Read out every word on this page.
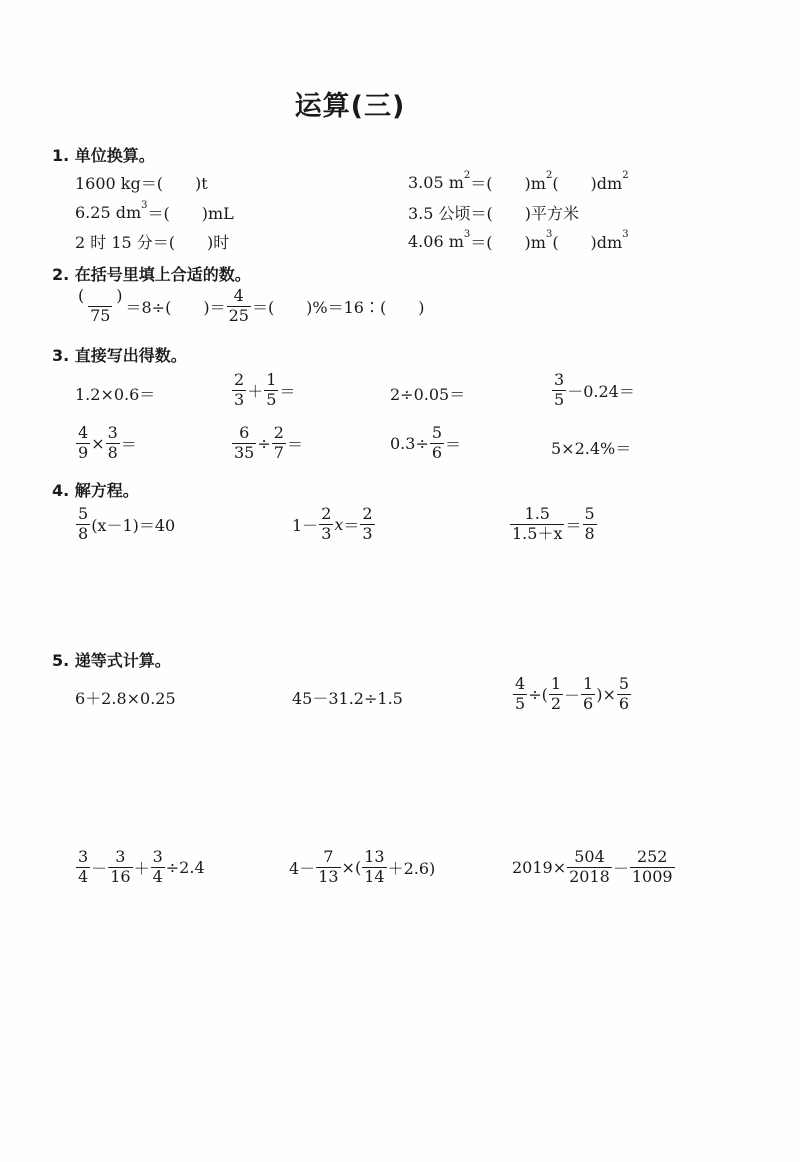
运算(三)
1. 单位换算。
1600 kg＝(　　)t	3.05 m 2 ＝(　　)m 2 (　　)dm 2
6.25 dm 3 ＝(　　)mL	3.5 公顷＝(　　)平方米
2 时 15 分＝(　　)时	4.06 m 3 ＝(　　)m 3 (　　)dm 3
2. 在括号里填上合适的数。
$\frac{( )}{75} =8\div$(　　)＝ $\frac{4}{25}$ ＝(　　)%＝16∶(　　)
3. 直接写出得数。
1.2×0.6＝	$\frac{2}{3} + \frac{1}{5}$ ＝	2÷0.05＝	$\frac{3}{5} -0.24=$
$\frac{4}{9} \times \frac{3}{8}$ ＝	$\frac{6}{35} \div \frac{2}{7}$ ＝	$0.3\div \frac{5}{6}$ ＝	5×2.4%＝
4. 解方程。
$\frac{5}{8} (x-1)=40$	$1- \frac{2}{3}$ $x = \frac{2}{3}$	$\frac{1.5}{1.5+x} = \frac{5}{8}$
5. 递等式计算。
6＋2.8×0.25	45－31.2÷1.5	$\frac{4}{5}$ ÷( $\frac{1}{2} - \frac{1}{6}$ )× $\frac{5}{6}$
$\frac{3}{4} - \frac{3}{16} + \frac{3}{4} \div 2.4$	$4- \frac{7}{13}$ ×( $\frac{13}{14} +2.6$)	$2019\times \frac{504}{2018} - \frac{252}{1009}$
